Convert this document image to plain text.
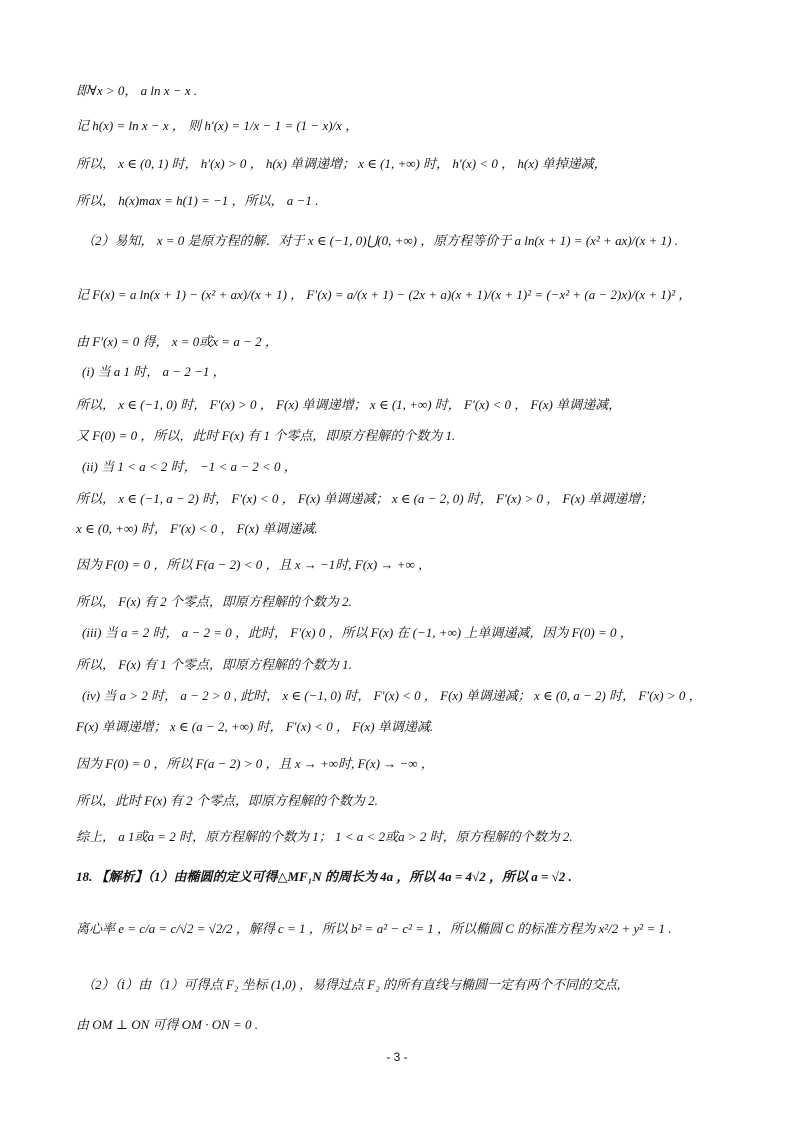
即∀x > 0， a ln x − x .
记 h(x) = ln x − x ， 则 h′(x) = 1/x − 1 = (1 − x)/x ，
所以， x ∈ (0, 1) 时， h′(x) > 0 ， h(x) 单调递增； x ∈ (1, +∞) 时， h′(x) < 0 ， h(x) 单掉递减，
所以， h(x)max = h(1) = −1 ，所以， a −1 .
（2）易知， x = 0 是原方程的解．对于 x ∈ (−1, 0)⋃(0, +∞) ，原方程等价于 a ln(x + 1) = (x² + ax)/(x + 1) .
记 F(x) = a ln(x + 1) − (x² + ax)/(x + 1) ， F′(x) = a/(x + 1) − (2x + a)(x + 1)/(x + 1)² = (−x² + (a − 2)x)/(x + 1)² ，
由 F′(x) = 0 得， x = 0或x = a − 2 ，
(i) 当 a 1 时， a − 2 −1 ，
所以， x ∈ (−1, 0) 时， F′(x) > 0 ， F(x) 单调递增； x ∈ (1, +∞) 时， F′(x) < 0 ， F(x) 单调递减，
又 F(0) = 0 ，所以，此时 F(x) 有 1 个零点，即原方程解的个数为 1.
(ii) 当 1 < a < 2 时， −1 < a − 2 < 0 ，
所以， x ∈ (−1, a − 2) 时， F′(x) < 0 ， F(x) 单调递减； x ∈ (a − 2, 0) 时， F′(x) > 0 ， F(x) 单调递增；
x ∈ (0, +∞) 时， F′(x) < 0 ， F(x) 单调递减.
因为 F(0) = 0 ，所以 F(a − 2) < 0 ，且 x → −1时, F(x) → +∞ ，
所以， F(x) 有 2 个零点，即原方程解的个数为 2.
(iii) 当 a = 2 时， a − 2 = 0 ，此时， F′(x) 0 ，所以 F(x) 在 (−1, +∞) 上单调递减，因为 F(0) = 0 ，
所以， F(x) 有 1 个零点，即原方程解的个数为 1.
(iv) 当 a > 2 时， a − 2 > 0 , 此时， x ∈ (−1, 0) 时， F′(x) < 0 ， F(x) 单调递减； x ∈ (0, a − 2) 时， F′(x) > 0 ，
F(x) 单调递增； x ∈ (a − 2, +∞) 时， F′(x) < 0 ， F(x) 单调递减.
因为 F(0) = 0 ，所以 F(a − 2) > 0 ，且 x → +∞时, F(x) → −∞ ，
所以，此时 F(x) 有 2 个零点，即原方程解的个数为 2.
综上， a 1或a = 2 时，原方程解的个数为 1； 1 < a < 2或a > 2 时，原方程解的个数为 2.
18. 【解析】（1）由椭圆的定义可得△MF₁N 的周长为 4a ，所以 4a = 4√2 ，所以 a = √2 .
离心率 e = c/a = c/√2 = √2/2 ，解得 c = 1 ，所以 b² = a² − c² = 1 ，所以椭圆 C 的标准方程为 x²/2 + y² = 1 .
（2）（ⅰ）由（1）可得点 F₂ 坐标 (1,0) ，易得过点 F₂ 的所有直线与椭圆一定有两个不同的交点,
由 OM ⊥ ON 可得 OM · ON = 0 .
- 3 -
